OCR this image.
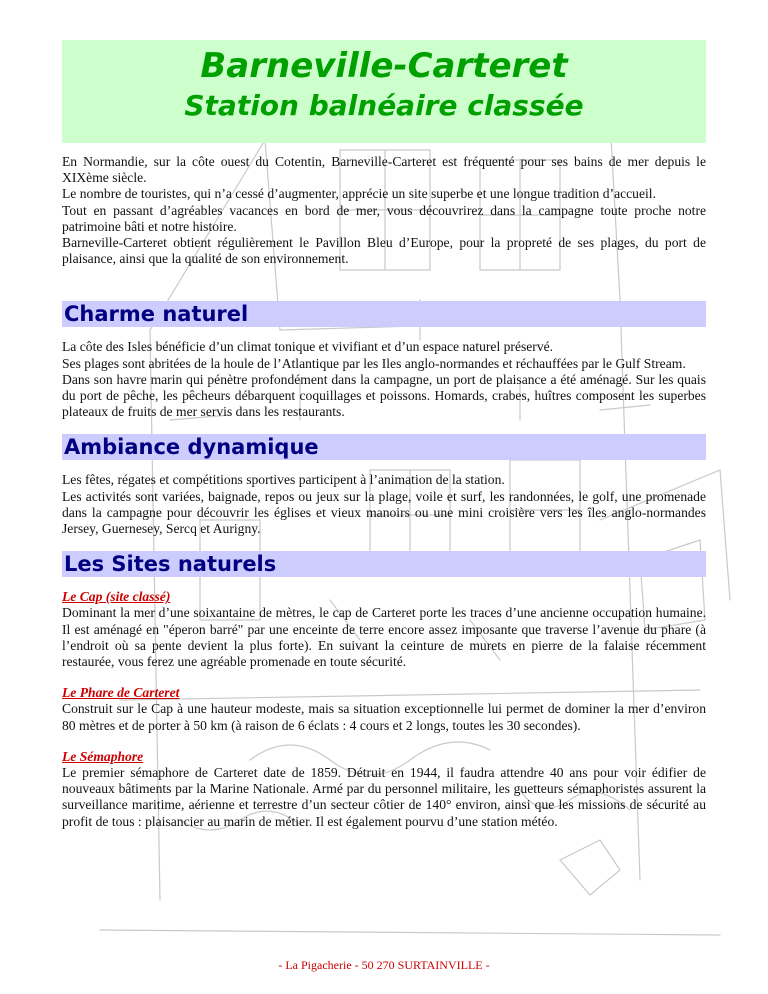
Barneville-Carteret
Station balnéaire classée

En Normandie, sur la côte ouest du Cotentin, Barneville-Carteret est fréquenté pour ses bains de mer depuis le XIXème siècle.

Le nombre de touristes, qui n’a cessé d’augmenter, apprécie un site superbe et une longue tradition d’accueil.

Tout en passant d’agréables vacances en bord de mer, vous découvrirez dans la campagne toute proche notre patrimoine bâti et notre histoire.

Barneville-Carteret obtient régulièrement le Pavillon Bleu d’Europe, pour la propreté de ses plages, du port de plaisance, ainsi que la qualité de son environnement.

Charme naturel

La côte des Isles bénéficie d’un climat tonique et vivifiant et d’un espace naturel préservé.

Ses plages sont abritées de la houle de l’Atlantique par les Iles anglo-normandes et réchauffées par le Gulf Stream.

Dans son havre marin qui pénètre profondément dans la campagne, un port de plaisance a été aménagé. Sur les quais du port de pêche, les pêcheurs débarquent coquillages et poissons. Homards, crabes, huîtres composent les superbes plateaux de fruits de mer servis dans les restaurants.

Ambiance dynamique

Les fêtes, régates et compétitions sportives participent à l’animation de la station.

Les activités sont variées, baignade, repos ou jeux sur la plage, voile et surf, les randonnées, le golf, une promenade dans la campagne pour découvrir les églises et vieux manoirs ou une mini croisière vers les îles anglo-normandes Jersey, Guernesey, Sercq et Aurigny.

Les Sites naturels

Le Cap (site classé)

Dominant la mer d’une soixantaine de mètres, le cap de Carteret porte les traces d’une ancienne occupation humaine. Il est aménagé en "éperon barré" par une enceinte de terre encore assez imposante que traverse l’avenue du phare (à l’endroit où sa pente devient la plus forte). En suivant la ceinture de murets en pierre de la falaise récemment restaurée, vous ferez une agréable promenade en toute sécurité.

Le Phare de Carteret

Construit sur le Cap à une hauteur modeste, mais sa situation exceptionnelle lui permet de dominer la mer d’environ 80 mètres et de porter à 50 km (à raison de 6 éclats : 4 cours et 2 longs, toutes les 30 secondes).

Le Sémaphore

Le premier sémaphore de Carteret date de 1859. Détruit en 1944, il faudra attendre 40 ans pour voir édifier de nouveaux bâtiments par la Marine Nationale. Armé par du personnel militaire, les guetteurs sémaphoristes assurent la surveillance maritime, aérienne et terrestre d’un secteur côtier de 140° environ, ainsi que les missions de sécurité au profit de tous : plaisancier au marin de métier. Il est également pourvu d’une station météo.

- La Pigacherie - 50 270 SURTAINVILLE -
